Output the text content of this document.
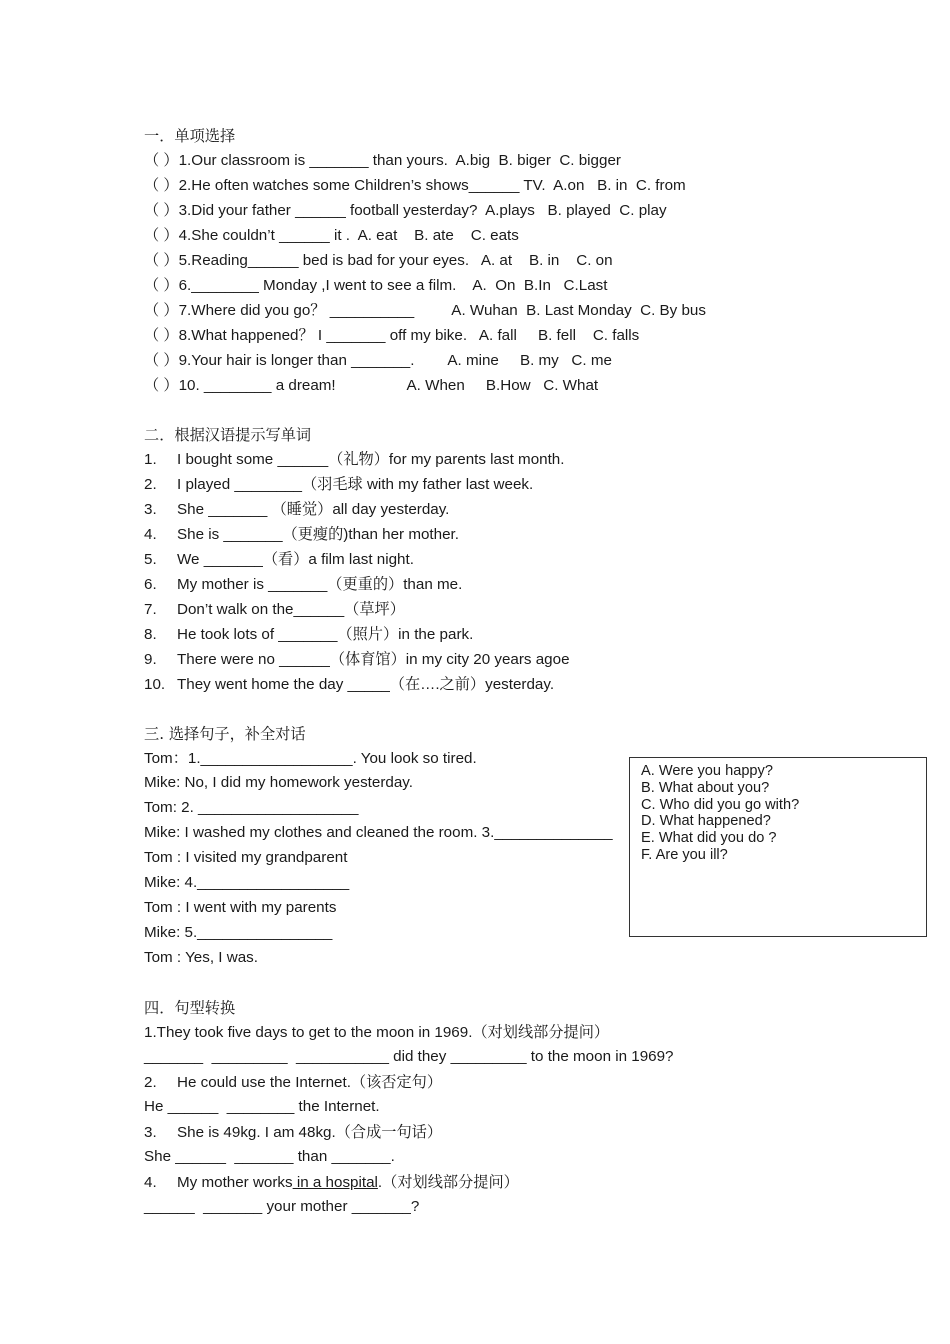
一．单项选择
（ ）1.Our classroom is _______ than yours.  A.big  B. biger  C. bigger
（ ）2.He often watches some Children’s shows______ TV.  A.on   B. in  C. from
（ ）3.Did your father ______ football yesterday?  A.plays   B. played  C. play
（ ）4.She couldn’t ______ it .  A. eat    B. ate    C. eats
（ ）5.Reading______ bed is bad for your eyes.   A. at    B. in    C. on
（ ）6.________ Monday ,I went to see a film.    A.  On  B.In   C.Last
（ ）7.Where did you go？ __________         A. Wuhan  B. Last Monday  C. By bus
（ ）8.What happened？ I _______ off my bike.   A. fall     B. fell    C. falls
（ ）9.Your hair is longer than _______.        A. mine     B. my   C. me
（ ）10. ________ a dream!                 A. When     B.How   C. What
二．根据汉语提示写单词
1. I bought some ______（礼物）for my parents last month.
2. I played ________（羽毛球 with my father last week.
3. She _______ （睡觉）all day yesterday.
4. She is _______（更瘦的)than her mother.
5. We _______（看）a film last night.
6. My mother is _______（更重的）than me.
7. Don’t walk on the______（草坪）
8. He took lots of _______（照片）in the park.
9. There were no ______（体育馆）in my city 20 years agoe
10. They went home the day _____（在….之前）yesterday.
三. 选择句子，补全对话
Tom：1.__________________. You look so tired.
Mike: No, I did my homework yesterday.
Tom: 2. ___________________
Mike: I washed my clothes and cleaned the room. 3.______________
Tom : I visited my grandparent
Mike: 4.__________________
Tom : I went with my parents
Mike: 5.________________
Tom : Yes, I was.
A. Were you happy?
B. What about you?
C. Who did you go with?
D. What happened?
E. What did you do ?
F. Are you ill?
四．句型转换
1.They took five days to get to the moon in 1969.（对划线部分提问）
_______  _________  ___________ did they _________ to the moon in 1969?
2. He could use the Internet.（该否定句）
He ______  ________ the Internet.
3. She is 49kg. I am 48kg.（合成一句话）
She ______  _______ than _______.
4. My mother works in a hospital.（对划线部分提问）
______  _______ your mother _______?
